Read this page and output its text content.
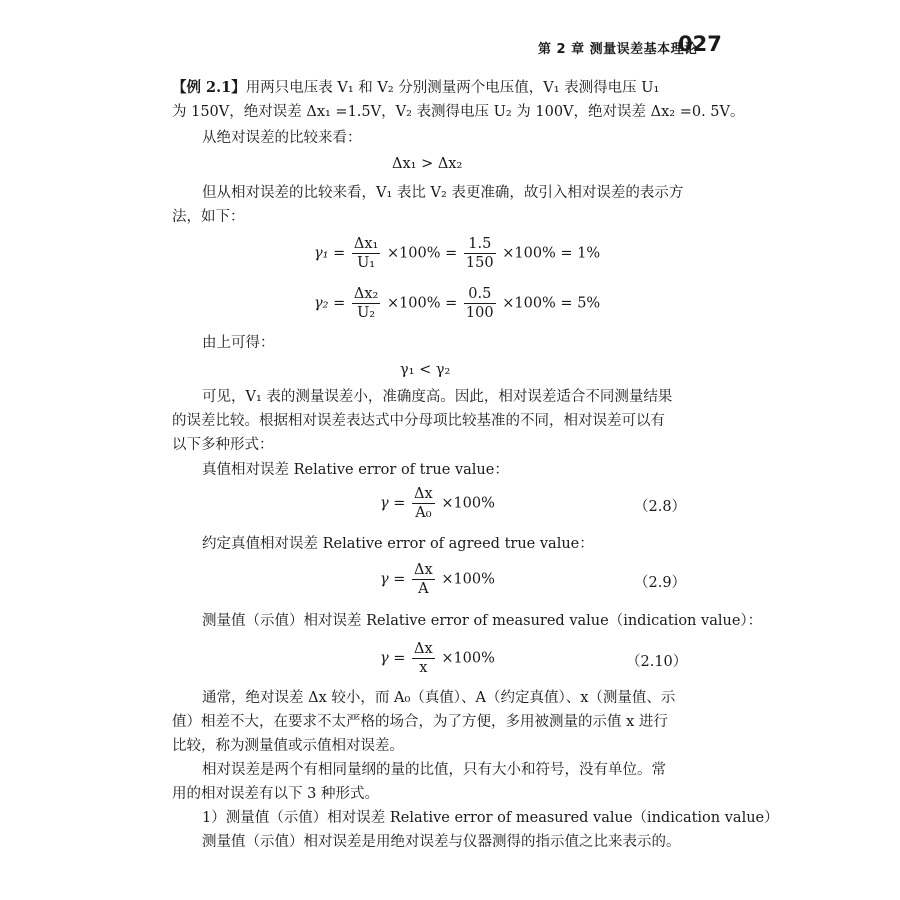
第 2 章 测量误差基本理论
027
【例 2.1】用两只电压表 V₁ 和 V₂ 分别测量两个电压值，V₁ 表测得电压 U₁
为 150V，绝对误差 Δx₁ =1.5V，V₂ 表测得电压 U₂ 为 100V，绝对误差 Δx₂ =0. 5V。
从绝对误差的比较来看：
Δx₁ > Δx₂
但从相对误差的比较来看，V₁ 表比 V₂ 表更准确，故引入相对误差的表示方
法，如下：
$\gamma_1 = \frac{\text{Δx₁}}{\text{U₁}} \times 100\% = \frac{1.5}{150} \times 100\% = 1\%$
$\gamma_2 = \frac{\text{Δx₂}}{\text{U₂}} \times 100\% = \frac{0.5}{100} \times 100\% = 5\%$
由上可得：
γ₁ < γ₂
可见，V₁ 表的测量误差小，准确度高。因此，相对误差适合不同测量结果
的误差比较。根据相对误差表达式中分母项比较基准的不同，相对误差可以有
以下多种形式：
真值相对误差 Relative error of true value：
$\gamma = \frac{\Delta x}{\text{A₀}} \times 100\%$	（2.8）
约定真值相对误差 Relative error of agreed true value：
$\gamma = \frac{\Delta x}{A} \times 100\%$	（2.9）
测量值（示值）相对误差 Relative error of measured value（indication value）：
$\gamma = \frac{\Delta x}{x} \times 100\%$	（2.10）
通常，绝对误差 Δx 较小，而 A₀（真值）、A（约定真值）、x（测量值、示
值）相差不大，在要求不太严格的场合，为了方便，多用被测量的示值 x 进行
比较，称为测量值或示值相对误差。
相对误差是两个有相同量纲的量的比值，只有大小和符号，没有单位。常
用的相对误差有以下 3 种形式。
1）测量值（示值）相对误差 Relative error of measured value（indication value）
测量值（示值）相对误差是用绝对误差与仪器测得的指示值之比来表示的。
